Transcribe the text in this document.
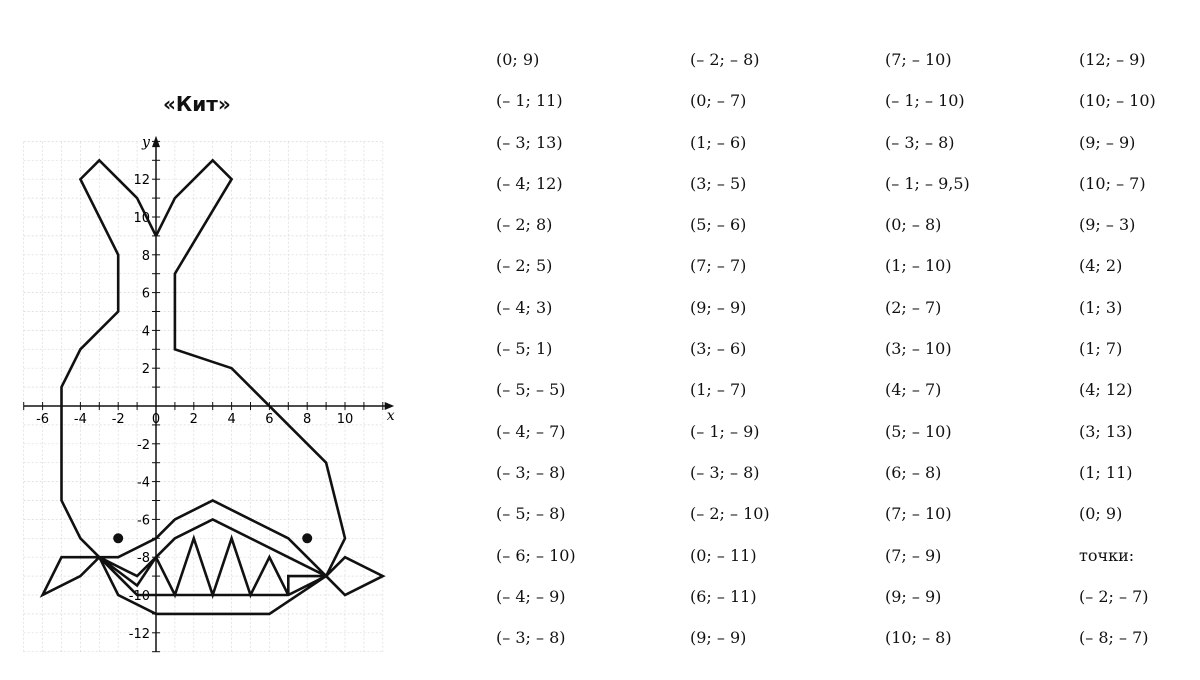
«Кит»
x
y
-6 -4 -2 0 2 4 6 8 10
12
10
8
6
4
2
-2
-4
-6
-8
-10
-12
(0; 9)
(– 1; 11)
(– 3; 13)
(– 4; 12)
(– 2; 8)
(– 2; 5)
(– 4; 3)
(– 5; 1)
(– 5; – 5)
(– 4; – 7)
(– 3; – 8)
(– 5; – 8)
(– 6; – 10)
(– 4; – 9)
(– 3; – 8)
(– 2; – 8)
(0; – 7)
(1; – 6)
(3; – 5)
(5; – 6)
(7; – 7)
(9; – 9)
(3; – 6)
(1; – 7)
(– 1; – 9)
(– 3; – 8)
(– 2; – 10)
(0; – 11)
(6; – 11)
(9; – 9)
(7; – 10)
(– 1; – 10)
(– 3; – 8)
(– 1; – 9,5)
(0; – 8)
(1; – 10)
(2; – 7)
(3; – 10)
(4; – 7)
(5; – 10)
(6; – 8)
(7; – 10)
(7; – 9)
(9; – 9)
(10; – 8)
(12; – 9)
(10; – 10)
(9; – 9)
(10; – 7)
(9; – 3)
(4; 2)
(1; 3)
(1; 7)
(4; 12)
(3; 13)
(1; 11)
(0; 9)
точки:
(– 2; – 7)
(– 8; – 7)
